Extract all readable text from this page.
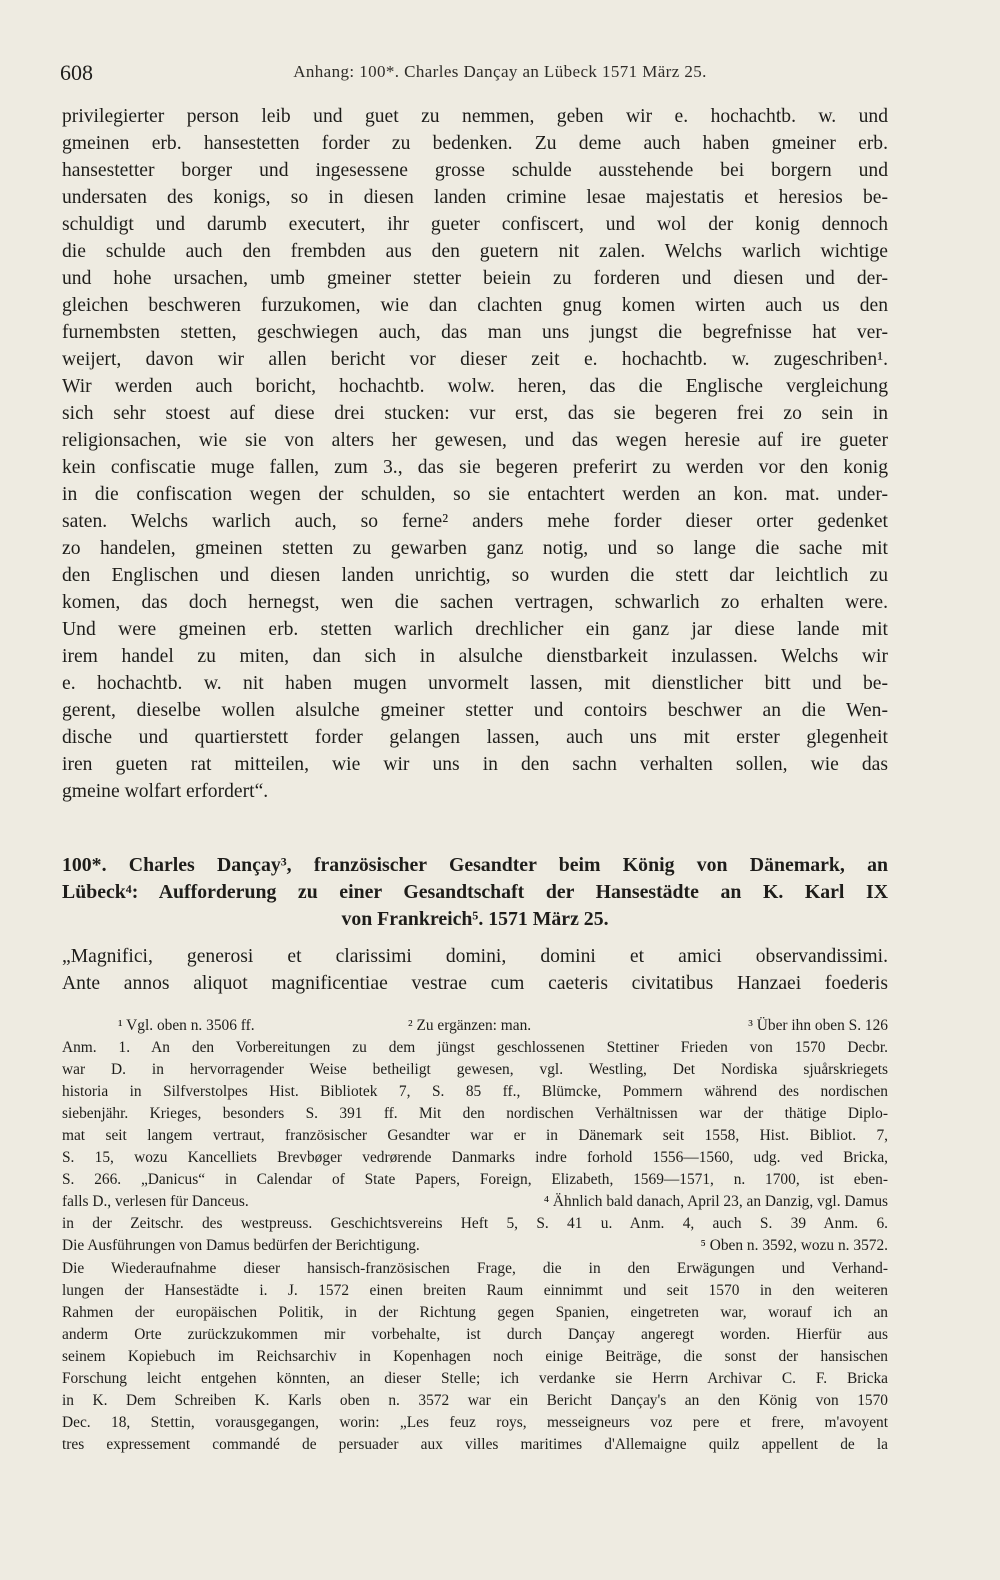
608	Anhang: 100*. Charles Dançay an Lübeck 1571 März 25.
privilegierter person leib und guet zu nemmen, geben wir e. hochachtb. w. und
gmeinen erb. hansestetten forder zu bedenken. Zu deme auch haben gmeiner erb.
hansestetter borger und ingesessene grosse schulde ausstehende bei borgern und
undersaten des konigs, so in diesen landen crimine lesae majestatis et heresios be-
schuldigt und darumb executert, ihr gueter confiscert, und wol der konig dennoch
die schulde auch den frembden aus den guetern nit zalen. Welchs warlich wichtige
und hohe ursachen, umb gmeiner stetter beiein zu forderen und diesen und der-
gleichen beschweren furzukomen, wie dan clachten gnug komen wirten auch us den
furnembsten stetten, geschwiegen auch, das man uns jungst die begrefnisse hat ver-
weijert, davon wir allen bericht vor dieser zeit e. hochachtb. w. zugeschriben¹.
Wir werden auch boricht, hochachtb. wolw. heren, das die Englische vergleichung
sich sehr stoest auf diese drei stucken: vur erst, das sie begeren frei zo sein in
religionsachen, wie sie von alters her gewesen, und das wegen heresie auf ire gueter
kein confiscatie muge fallen, zum 3., das sie begeren preferirt zu werden vor den konig
in die confiscation wegen der schulden, so sie entachtert werden an kon. mat. under-
saten. Welchs warlich auch, so ferne² anders mehe forder dieser orter gedenket
zo handelen, gmeinen stetten zu gewarben ganz notig, und so lange die sache mit
den Englischen und diesen landen unrichtig, so wurden die stett dar leichtlich zu
komen, das doch hernegst, wen die sachen vertragen, schwarlich zo erhalten were.
Und were gmeinen erb. stetten warlich drechlicher ein ganz jar diese lande mit
irem handel zu miten, dan sich in alsulche dienstbarkeit inzulassen. Welchs wir
e. hochachtb. w. nit haben mugen unvormelt lassen, mit dienstlicher bitt und be-
gerent, dieselbe wollen alsulche gmeiner stetter und contoirs beschwer an die Wen-
dische und quartierstett forder gelangen lassen, auch uns mit erster glegenheit
iren gueten rat mitteilen, wie wir uns in den sachn verhalten sollen, wie das
gmeine wolfart erfordert“.
100*. Charles Dançay³, französischer Gesandter beim König von Dänemark, an
Lübeck⁴: Aufforderung zu einer Gesandtschaft der Hansestädte an K. Karl IX
von Frankreich⁵. 1571 März 25.
„Magnifici, generosi et clarissimi domini, domini et amici observandissimi.
Ante annos aliquot magnificentiae vestrae cum caeteris civitatibus Hanzaei foederis
¹ Vgl. oben n. 3506 ff.	² Zu ergänzen: man.	³ Über ihn oben S. 126
Anm. 1. An den Vorbereitungen zu dem jüngst geschlossenen Stettiner Frieden von 1570 Decbr.
war D. in hervorragender Weise betheiligt gewesen, vgl. Westling, Det Nordiska sjuårskriegets
historia in Silfverstolpes Hist. Bibliotek 7, S. 85 ff., Blümcke, Pommern während des nordischen
siebenjähr. Krieges, besonders S. 391 ff. Mit den nordischen Verhältnissen war der thätige Diplo-
mat seit langem vertraut, französischer Gesandter war er in Dänemark seit 1558, Hist. Bibliot. 7,
S. 15, wozu Kancelliets Brevbøger vedrørende Danmarks indre forhold 1556—1560, udg. ved Bricka,
S. 266. „Danicus“ in Calendar of State Papers, Foreign, Elizabeth, 1569—1571, n. 1700, ist eben-
falls D., verlesen für Danceus.	⁴ Ähnlich bald danach, April 23, an Danzig, vgl. Damus
in der Zeitschr. des westpreuss. Geschichtsvereins Heft 5, S. 41 u. Anm. 4, auch S. 39 Anm. 6.
Die Ausführungen von Damus bedürfen der Berichtigung.	⁵ Oben n. 3592, wozu n. 3572.
Die Wiederaufnahme dieser hansisch-französischen Frage, die in den Erwägungen und Verhand-
lungen der Hansestädte i. J. 1572 einen breiten Raum einnimmt und seit 1570 in den weiteren
Rahmen der europäischen Politik, in der Richtung gegen Spanien, eingetreten war, worauf ich an
anderm Orte zurückzukommen mir vorbehalte, ist durch Dançay angeregt worden. Hierfür aus
seinem Kopiebuch im Reichsarchiv in Kopenhagen noch einige Beiträge, die sonst der hansischen
Forschung leicht entgehen könnten, an dieser Stelle; ich verdanke sie Herrn Archivar C. F. Bricka
in K. Dem Schreiben K. Karls oben n. 3572 war ein Bericht Dançay's an den König von 1570
Dec. 18, Stettin, vorausgegangen, worin: „Les feuz roys, messeigneurs voz pere et frere, m'avoyent
tres expressement commandé de persuader aux villes maritimes d'Allemaigne quilz appellent de la
